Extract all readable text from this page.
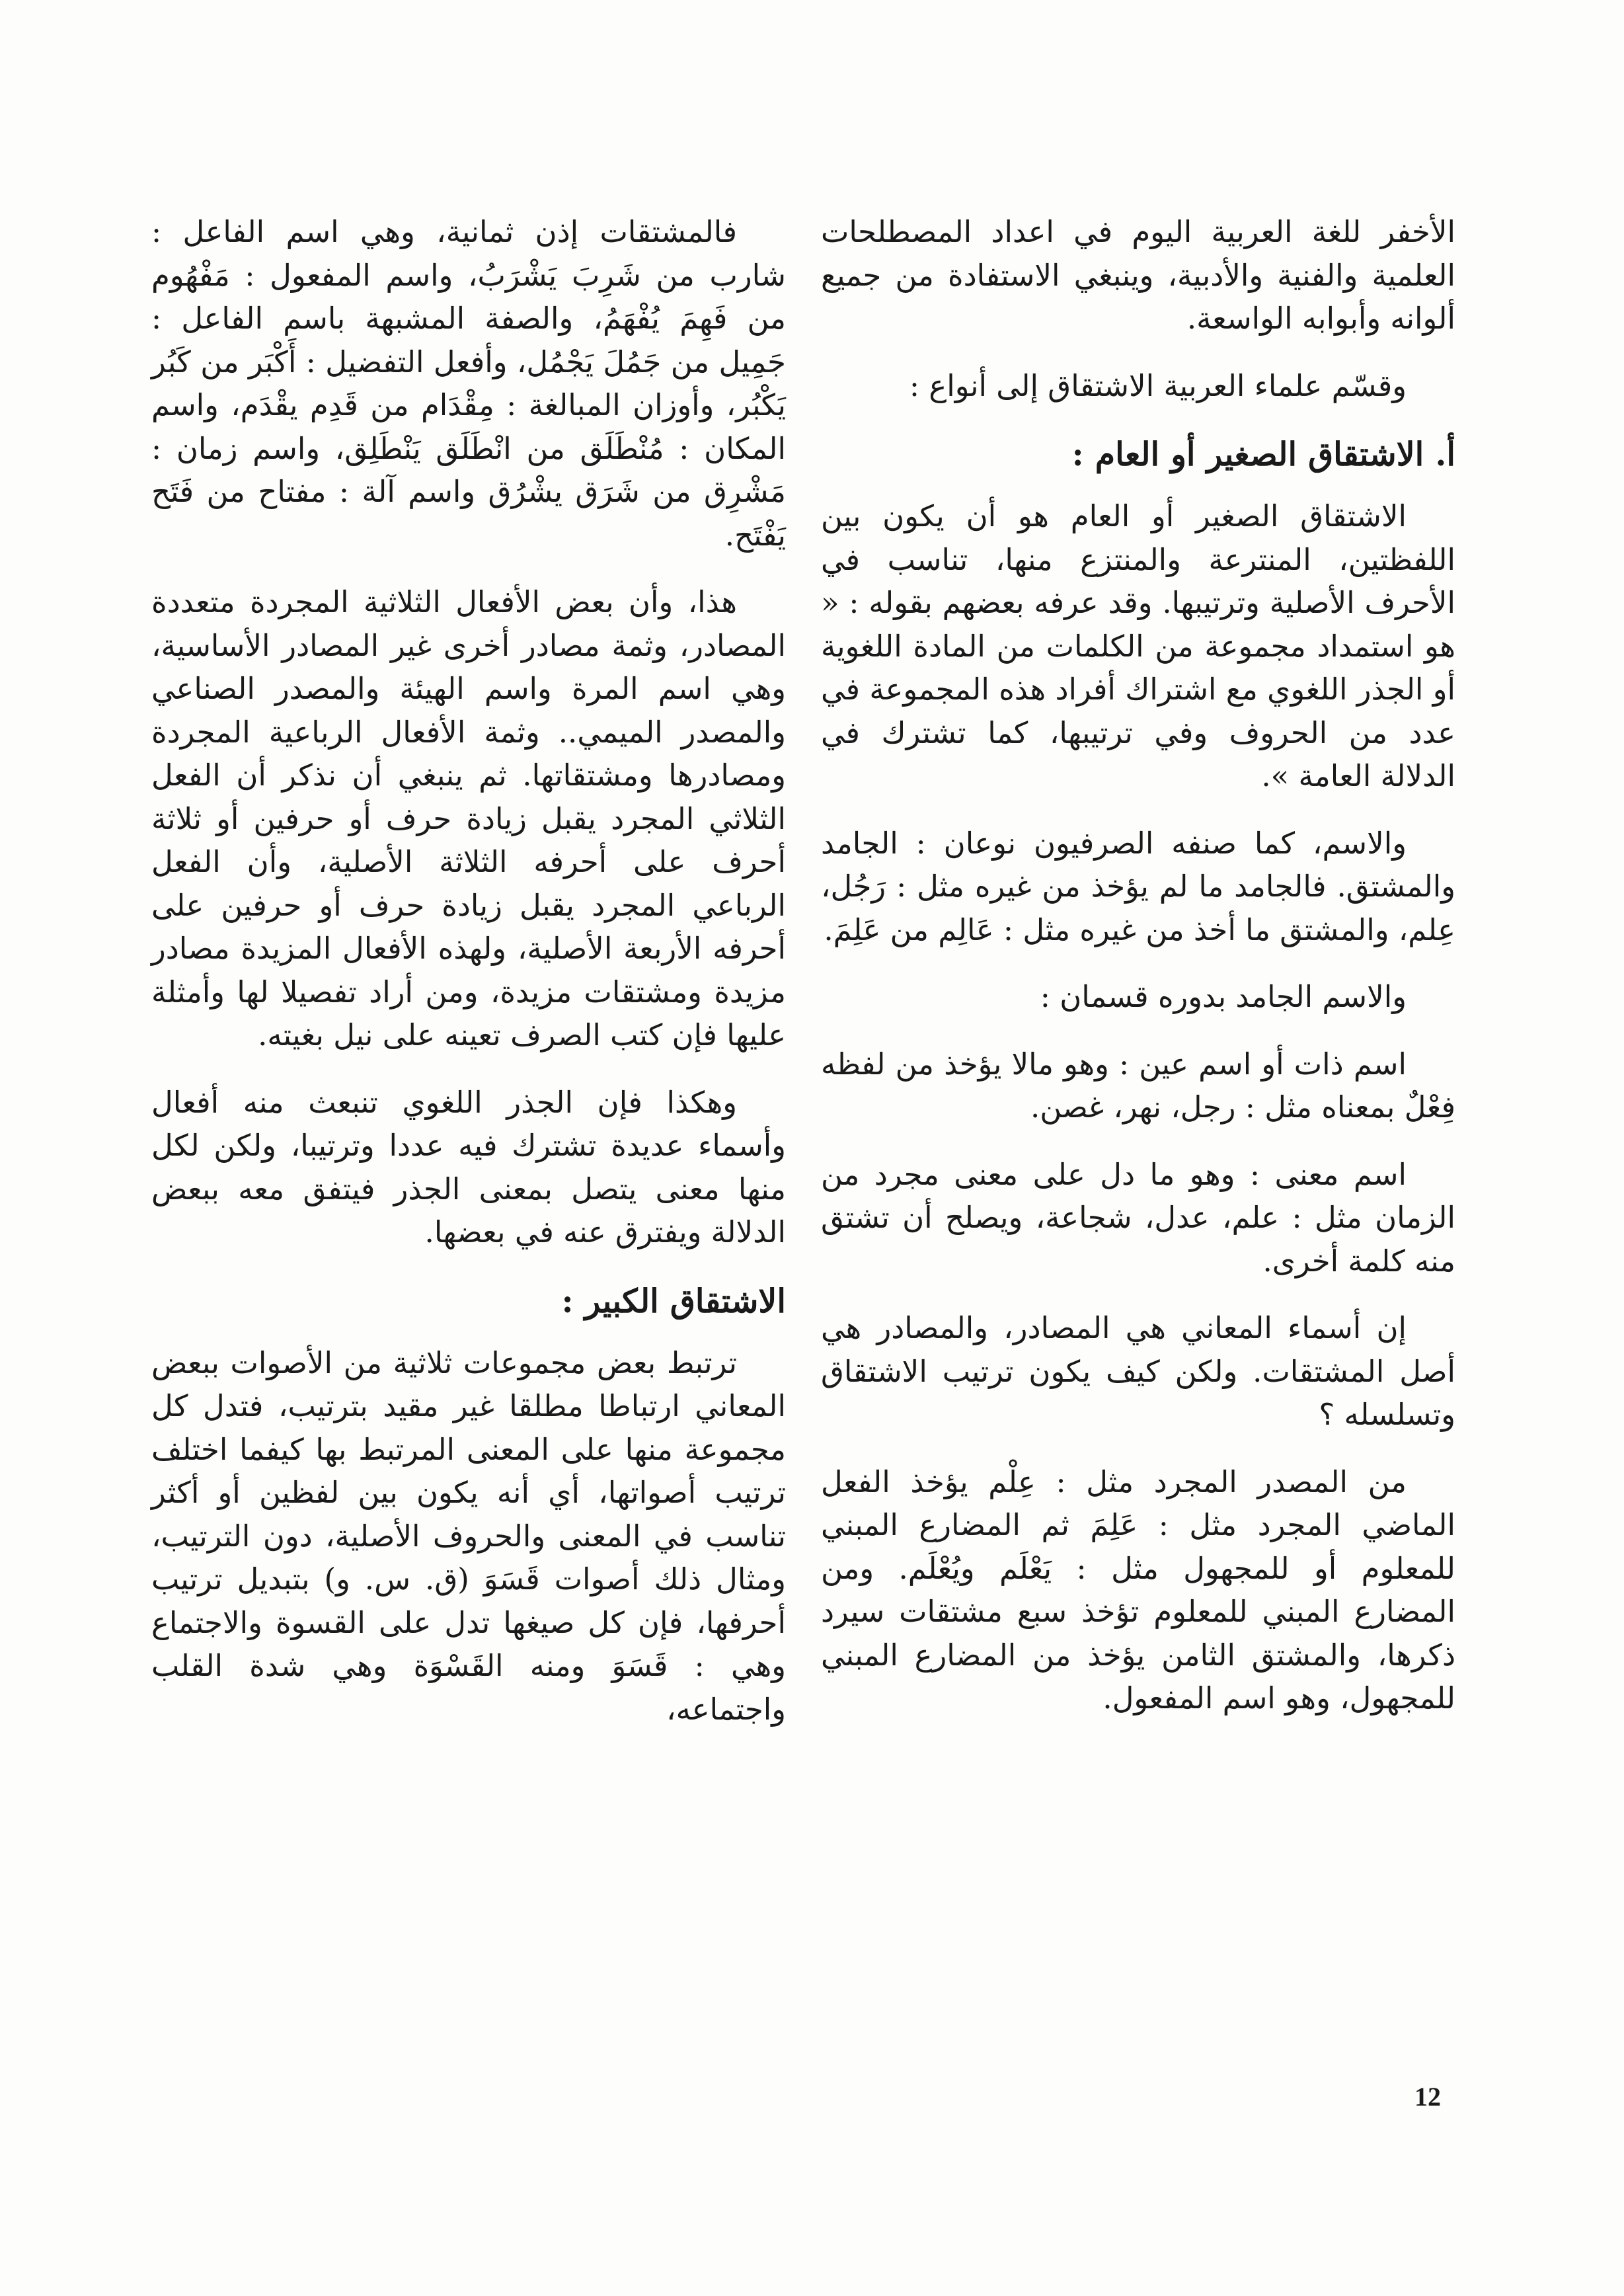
الأخفر للغة العربية اليوم في اعداد المصطلحات العلمية والفنية والأدبية، وينبغي الاستفادة من جميع ألوانه وأبوابه الواسعة.

وقسّم علماء العربية الاشتقاق إلى أنواع :

أ. الاشتقاق الصغير أو العام :

الاشتقاق الصغير أو العام هو أن يكون بين اللفظتين، المنترعة والمنتزع منها، تناسب في الأحرف الأصلية وترتيبها. وقد عرفه بعضهم بقوله : « هو استمداد مجموعة من الكلمات من المادة اللغوية أو الجذر اللغوي مع اشتراك أفراد هذه المجموعة في عدد من الحروف وفي ترتيبها، كما تشترك في الدلالة العامة ».

والاسم، كما صنفه الصرفيون نوعان : الجامد والمشتق. فالجامد ما لم يؤخذ من غيره مثل : رَجُل، عِلم، والمشتق ما أخذ من غيره مثل : عَالِم من عَلِمَ.

والاسم الجامد بدوره قسمان :

اسم ذات أو اسم عين : وهو مالا يؤخذ من لفظه فِعْلٌ بمعناه مثل : رجل، نهر، غصن.

اسم معنى : وهو ما دل على معنى مجرد من الزمان مثل : علم، عدل، شجاعة، ويصلح أن تشتق منه كلمة أخرى.

إن أسماء المعاني هي المصادر، والمصادر هي أصل المشتقات. ولكن كيف يكون ترتيب الاشتقاق وتسلسله ؟

من المصدر المجرد مثل : عِلْم يؤخذ الفعل الماضي المجرد مثل : عَلِمَ ثم المضارع المبني للمعلوم أو للمجهول مثل : يَعْلَم ويُعْلَم. ومن المضارع المبني للمعلوم تؤخذ سبع مشتقات سيرد ذكرها، والمشتق الثامن يؤخذ من المضارع المبني للمجهول، وهو اسم المفعول.

فالمشتقات إذن ثمانية، وهي اسم الفاعل : شارب من شَرِبَ يَشْرَبُ، واسم المفعول : مَفْهُوم من فَهِمَ يُفْهَمُ، والصفة المشبهة باسم الفاعل : جَمِيل من جَمُلَ يَجْمُل، وأفعل التفضيل : أَكْبَر من كَبُر يَكْبُر، وأوزان المبالغة : مِقْدَام من قَدِم يقْدَم، واسم المكان : مُنْطَلَق من انْطَلَق يَنْطَلِق، واسم زمان : مَشْرِق من شَرَق يشْرُق واسم آلة : مفتاح من فَتَح يَفْتَح.

هذا، وأن بعض الأفعال الثلاثية المجردة متعددة المصادر، وثمة مصادر أخرى غير المصادر الأساسية، وهي اسم المرة واسم الهيئة والمصدر الصناعي والمصدر الميمي.. وثمة الأفعال الرباعية المجردة ومصادرها ومشتقاتها. ثم ينبغي أن نذكر أن الفعل الثلاثي المجرد يقبل زيادة حرف أو حرفين أو ثلاثة أحرف على أحرفه الثلاثة الأصلية، وأن الفعل الرباعي المجرد يقبل زيادة حرف أو حرفين على أحرفه الأربعة الأصلية، ولهذه الأفعال المزيدة مصادر مزيدة ومشتقات مزيدة، ومن أراد تفصيلا لها وأمثلة عليها فإن كتب الصرف تعينه على نيل بغيته.

وهكذا فإن الجذر اللغوي تنبعث منه أفعال وأسماء عديدة تشترك فيه عددا وترتيبا، ولكن لكل منها معنى يتصل بمعنى الجذر فيتفق معه ببعض الدلالة ويفترق عنه في بعضها.

الاشتقاق الكبير :

ترتبط بعض مجموعات ثلاثية من الأصوات ببعض المعاني ارتباطا مطلقا غير مقيد بترتيب، فتدل كل مجموعة منها على المعنى المرتبط بها كيفما اختلف ترتيب أصواتها، أي أنه يكون بين لفظين أو أكثر تناسب في المعنى والحروف الأصلية، دون الترتيب، ومثال ذلك أصوات قَسَوَ (ق. س. و) بتبديل ترتيب أحرفها، فإن كل صيغها تدل على القسوة والاجتماع وهي : قَسَوَ ومنه القَسْوَة وهي شدة القلب واجتماعه،

12
